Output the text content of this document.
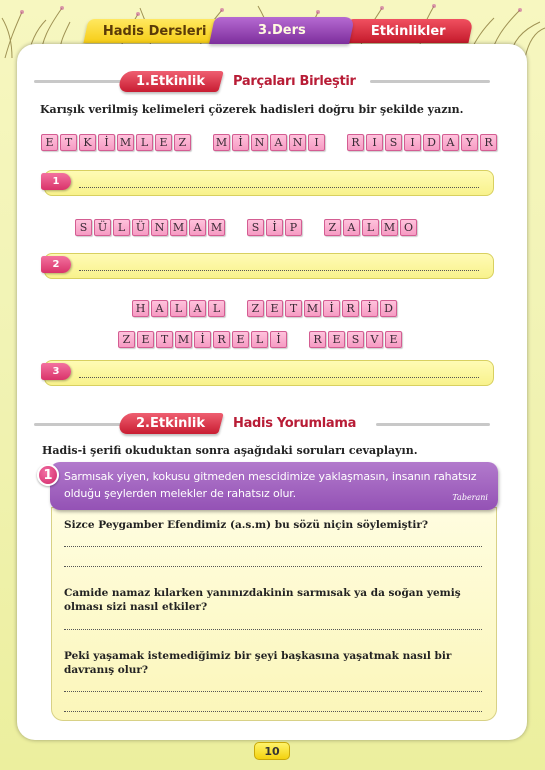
Hadis Dersleri	3.Ders	Etkinlikler
1.Etkinlik Parçaları Birleştir
Karışık verilmiş kelimeleri çözerek hadisleri doğru bir şekilde yazın.
E	T	K	İ	M L	E	Z	M	İ	N A N	I	R	I	S	I	D A	Y	R
1
S Ü L Ü N M A M	S	İ	P	Z	A	L M O
2
H A	L	A	L	Z	E	T M	İ	R	İ	D
Z	E	T M	İ	R E	L	İ	R E	S	V	E
3
2.Etkinlik Hadis Yorumlama
Hadis-i şerifi okuduktan sonra aşağıdaki soruları cevaplayın.
Sizce Peygamber Efendimiz (a.s.m) bu sözü niçin söylemiştir?
Camide namaz kılarken yanınızdakinin sarmısak ya da soğan yemiş olması sizi nasıl etkiler?
Peki yaşamak istemediğimiz bir şeyi başkasına yaşatmak nasıl bir davranış olur?
Sarmısak yiyen, kokusu gitmeden mescidimize yaklaşmasın, insanın rahatsız olduğu şeylerden melekler de rahatsız olur.	Taberani
1
10
